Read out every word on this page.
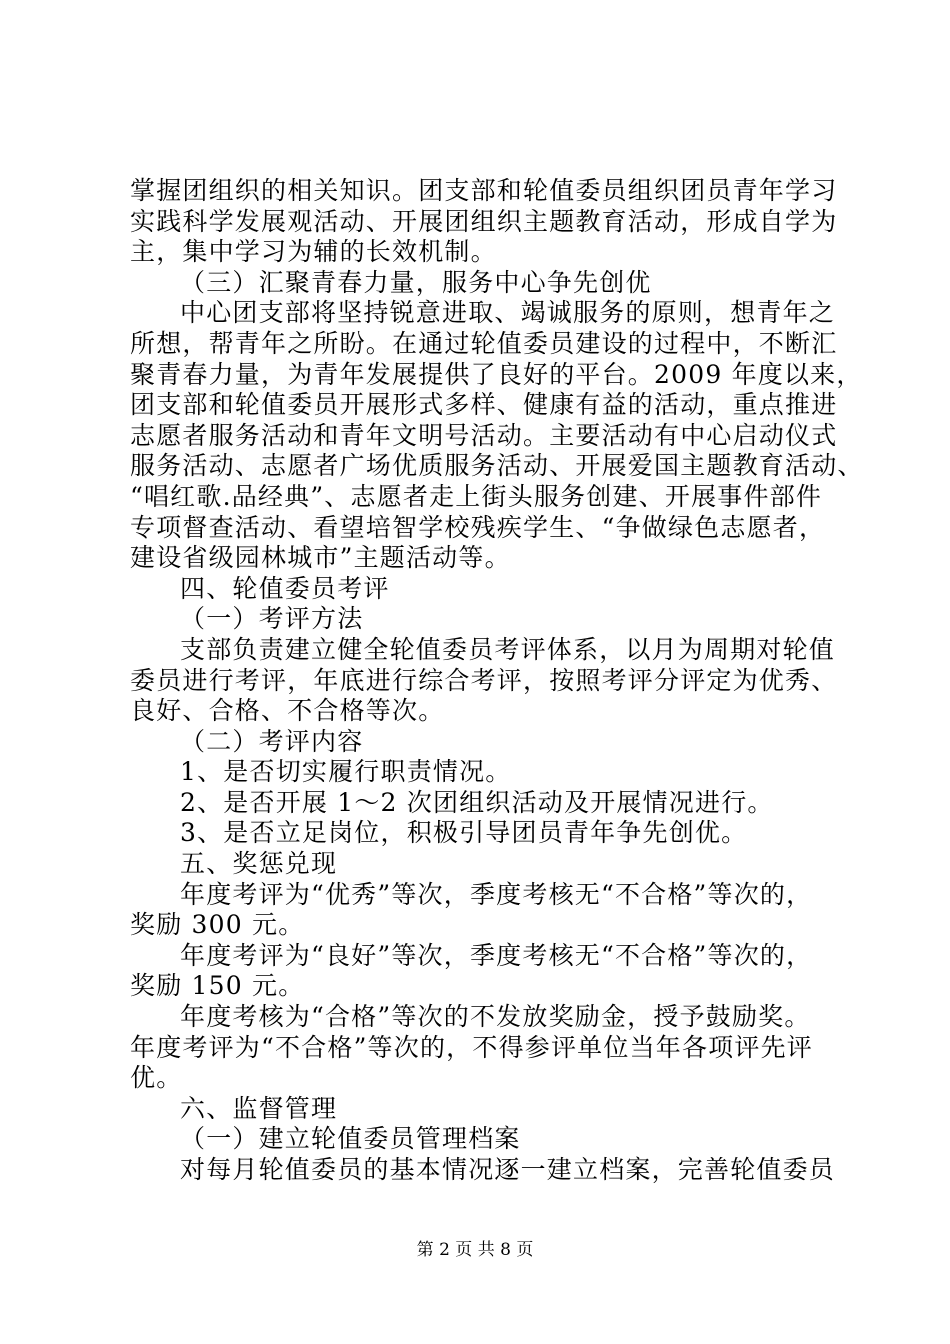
掌握团组织的相关知识。团支部和轮值委员组织团员青年学习
实践科学发展观活动、开展团组织主题教育活动，形成自学为
主，集中学习为辅的长效机制。
（三）汇聚青春力量，服务中心争先创优
中心团支部将坚持锐意进取、竭诚服务的原则，想青年之
所想，帮青年之所盼。在通过轮值委员建设的过程中，不断汇
聚青春力量，为青年发展提供了良好的平台。2009 年度以来，
团支部和轮值委员开展形式多样、健康有益的活动，重点推进
志愿者服务活动和青年文明号活动。主要活动有中心启动仪式
服务活动、志愿者广场优质服务活动、开展爱国主题教育活动、
“唱红歌.品经典”、志愿者走上街头服务创建、开展事件部件
专项督查活动、看望培智学校残疾学生、“争做绿色志愿者，
建设省级园林城市”主题活动等。
四、轮值委员考评
（一）考评方法
支部负责建立健全轮值委员考评体系，以月为周期对轮值
委员进行考评，年底进行综合考评，按照考评分评定为优秀、
良好、合格、不合格等次。
（二）考评内容
1、是否切实履行职责情况。
2、是否开展 1～2 次团组织活动及开展情况进行。
3、是否立足岗位，积极引导团员青年争先创优。
五、奖惩兑现
年度考评为“优秀”等次，季度考核无“不合格”等次的，
奖励 300 元。
年度考评为“良好”等次，季度考核无“不合格”等次的，
奖励 150 元。
年度考核为“合格”等次的不发放奖励金，授予鼓励奖。
年度考评为“不合格”等次的，不得参评单位当年各项评先评
优。
六、监督管理
（一）建立轮值委员管理档案
对每月轮值委员的基本情况逐一建立档案，完善轮值委员
第 2 页 共 8 页
